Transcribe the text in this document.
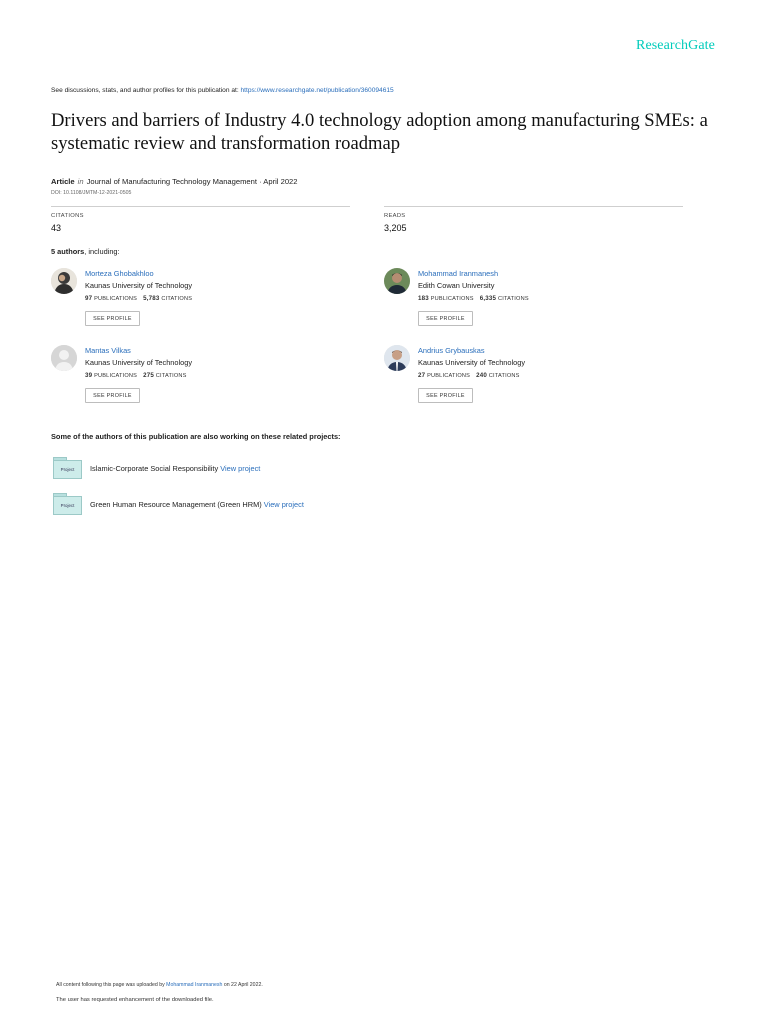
ResearchGate
See discussions, stats, and author profiles for this publication at: https://www.researchgate.net/publication/360094615
Drivers and barriers of Industry 4.0 technology adoption among manufacturing SMEs: a systematic review and transformation roadmap
Article in Journal of Manufacturing Technology Management · April 2022
DOI: 10.1108/JMTM-12-2021-0505
CITATIONS
43
READS
3,205
5 authors, including:
Morteza Ghobakhloo
Kaunas University of Technology
97 PUBLICATIONS 5,783 CITATIONS
SEE PROFILE
Mohammad Iranmanesh
Edith Cowan University
183 PUBLICATIONS 6,335 CITATIONS
SEE PROFILE
Mantas Vilkas
Kaunas University of Technology
39 PUBLICATIONS 275 CITATIONS
SEE PROFILE
Andrius Grybauskas
Kaunas University of Technology
27 PUBLICATIONS 240 CITATIONS
SEE PROFILE
Some of the authors of this publication are also working on these related projects:
Project	Islamic-Corporate Social Responsibility View project
Project	Green Human Resource Management (Green HRM) View project
All content following this page was uploaded by Mohammad Iranmanesh on 22 April 2022.
The user has requested enhancement of the downloaded file.
